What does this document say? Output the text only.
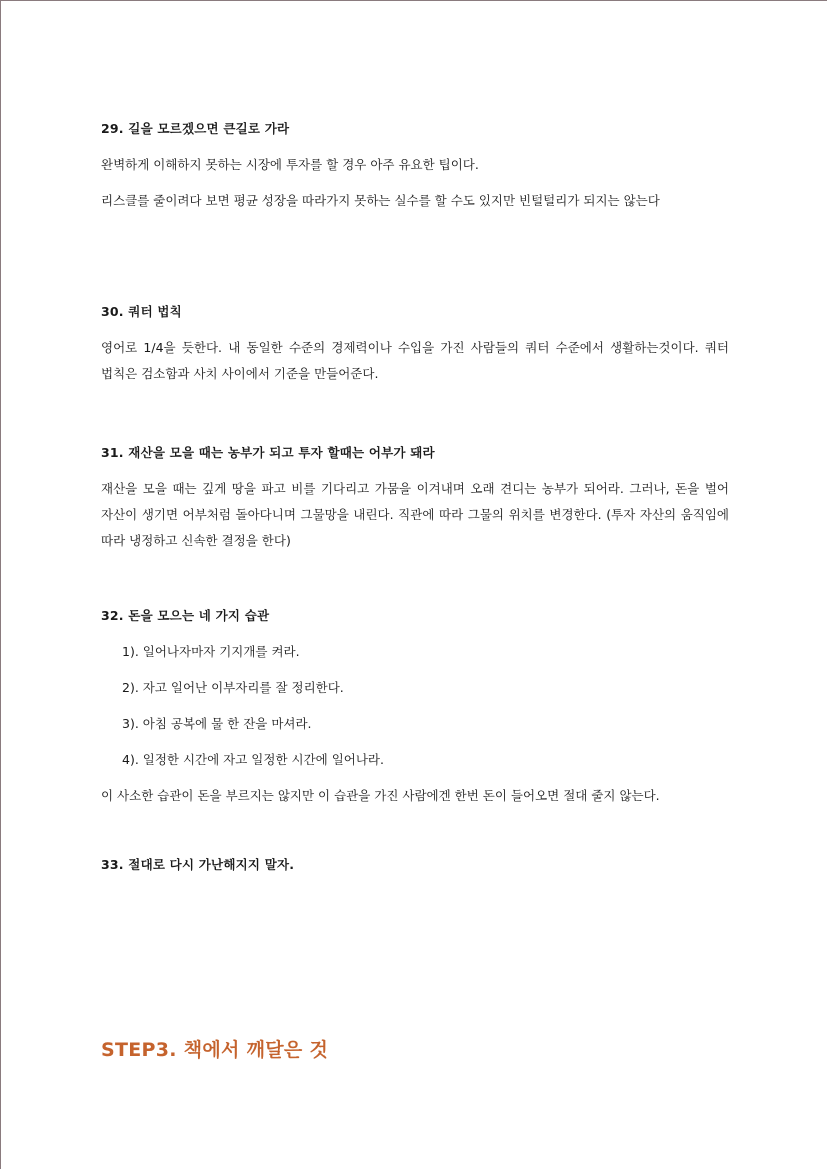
29. 길을 모르겠으면 큰길로 가라

완벽하게 이해하지 못하는 시장에 투자를 할 경우 아주 유요한 팁이다.

리스클를 줄이려다 보면 평균 성장을 따라가지 못하는 실수를 할 수도 있지만 빈털털리가 되지는 않는다

30. 쿼터 법칙

영어로 1/4을 듯한다. 내 동일한 수준의 경제력이나 수입을 가진 사람들의 쿼터 수준에서 생활하는것이다. 쿼터 법칙은 검소함과 사치 사이에서 기준을 만들어준다.

31. 재산을 모을 때는 농부가 되고 투자 할때는 어부가 돼라

재산을 모을 때는 깊게 땅을 파고 비를 기다리고 가뭄을 이겨내며 오래 견디는 농부가 되어라. 그러나, 돈을 벌어 자산이 생기면 어부처럼 돌아다니며 그물망을 내린다. 직관에 따라 그물의 위치를 변경한다. (투자 자산의 움직임에 따라 냉정하고 신속한 결정을 한다)

32. 돈을 모으는 네 가지 습관

1). 일어나자마자 기지개를 켜라.

2). 자고 일어난 이부자리를 잘 정리한다.

3). 아침 공복에 물 한 잔을 마셔라.

4). 일정한 시간에 자고 일정한 시간에 일어나라.

이 사소한 습관이 돈을 부르지는 않지만 이 습관을 가진 사람에겐 한번 돈이 들어오면 절대 줄지 않는다.

33. 절대로 다시 가난해지지 말자.

STEP3. 책에서 깨달은 것
